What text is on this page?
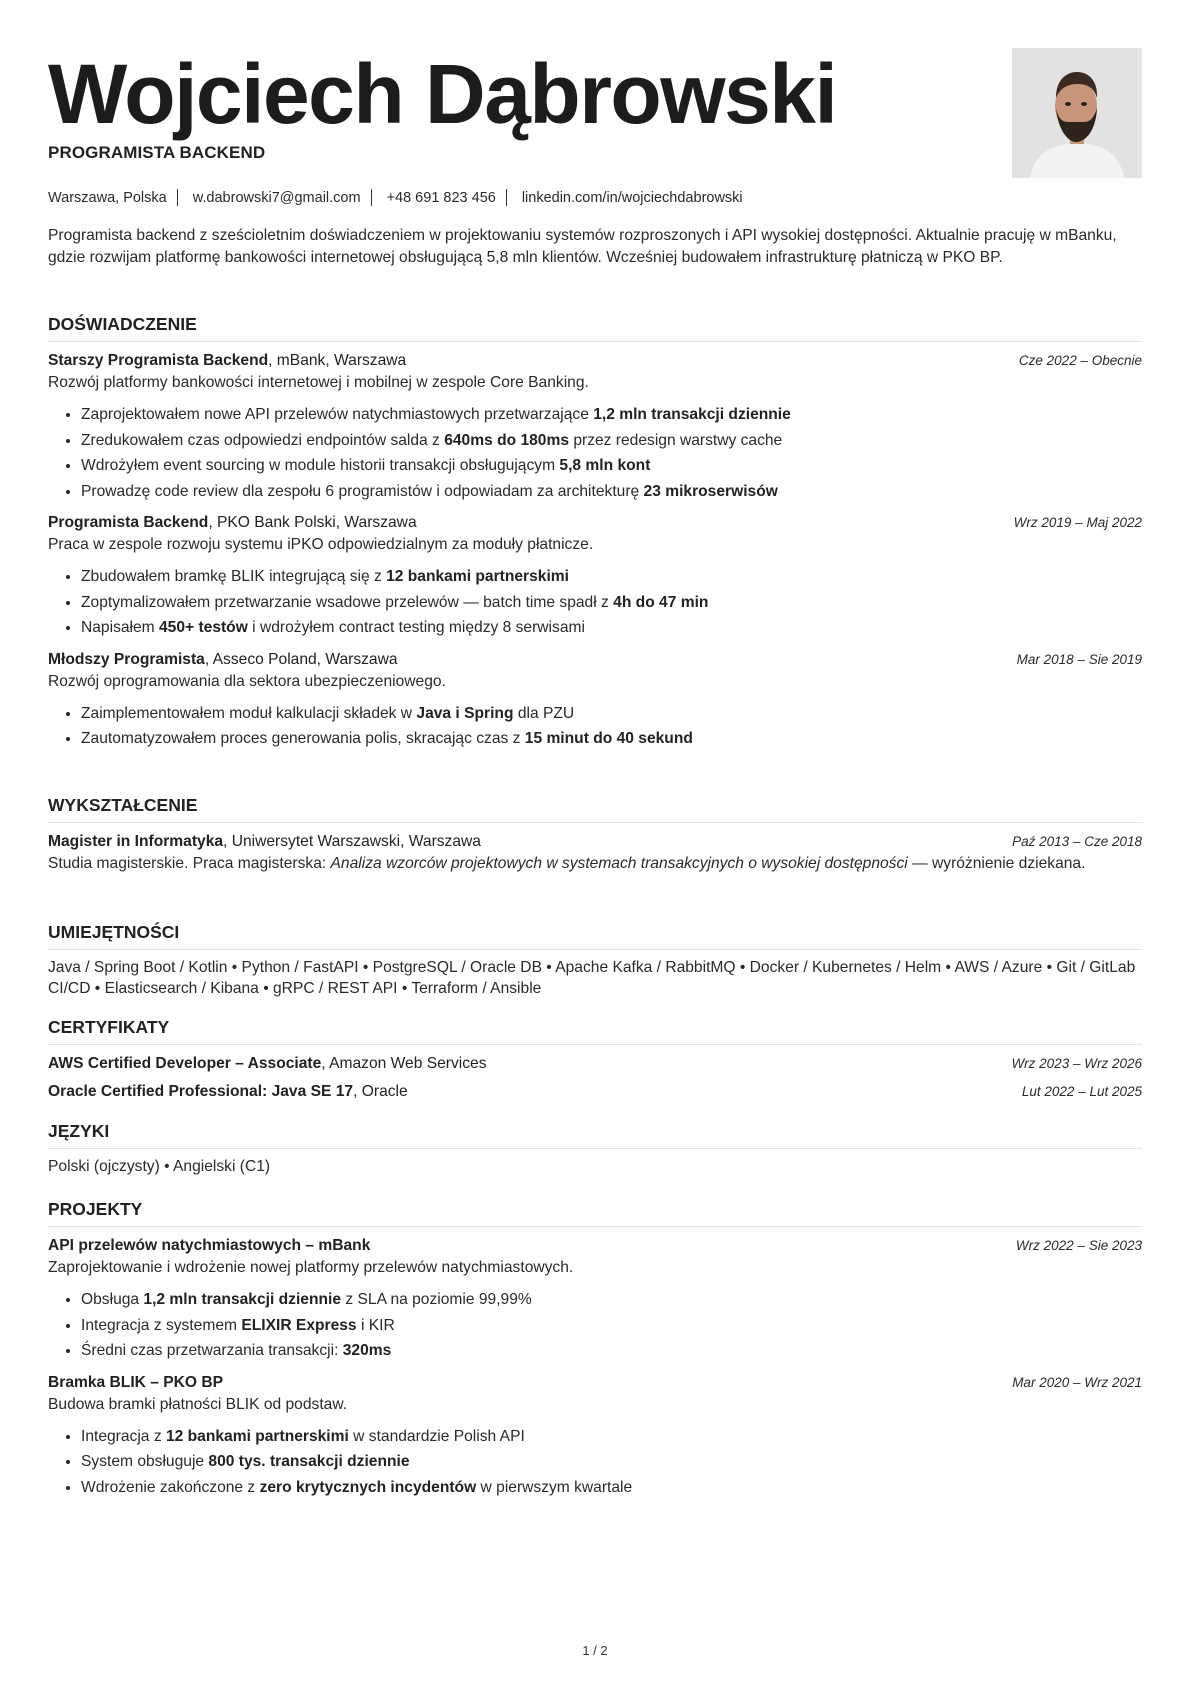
Wojciech Dąbrowski
PROGRAMISTA BACKEND
Warszawa, Polska w.dabrowski7@gmail.com +48 691 823 456 linkedin.com/in/wojciechdabrowski
Programista backend z sześcioletnim doświadczeniem w projektowaniu systemów rozproszonych i API wysokiej dostępności. Aktualnie pracuję w mBanku, gdzie rozwijam platformę bankowości internetowej obsługującą 5,8 mln klientów. Wcześniej budowałem infrastrukturę płatniczą w PKO BP.
DOŚWIADCZENIE
Starszy Programista Backend, mBank, Warszawa	Cze 2022 – Obecnie
Rozwój platformy bankowości internetowej i mobilnej w zespole Core Banking.
• Zaprojektowałem nowe API przelewów natychmiastowych przetwarzające 1,2 mln transakcji dziennie
• Zredukowałem czas odpowiedzi endpointów salda z 640ms do 180ms przez redesign warstwy cache
• Wdrożyłem event sourcing w module historii transakcji obsługującym 5,8 mln kont
• Prowadzę code review dla zespołu 6 programistów i odpowiadam za architekturę 23 mikroserwisów
Programista Backend, PKO Bank Polski, Warszawa	Wrz 2019 – Maj 2022
Praca w zespole rozwoju systemu iPKO odpowiedzialnym za moduły płatnicze.
• Zbudowałem bramkę BLIK integrującą się z 12 bankami partnerskimi
• Zoptymalizowałem przetwarzanie wsadowe przelewów — batch time spadł z 4h do 47 min
• Napisałem 450+ testów i wdrożyłem contract testing między 8 serwisami
Młodszy Programista, Asseco Poland, Warszawa	Mar 2018 – Sie 2019
Rozwój oprogramowania dla sektora ubezpieczeniowego.
• Zaimplementowałem moduł kalkulacji składek w Java i Spring dla PZU
• Zautomatyzowałem proces generowania polis, skracając czas z 15 minut do 40 sekund
WYKSZTAŁCENIE
Magister in Informatyka, Uniwersytet Warszawski, Warszawa	Paź 2013 – Cze 2018
Studia magisterskie. Praca magisterska: Analiza wzorców projektowych w systemach transakcyjnych o wysokiej dostępności — wyróżnienie dziekana.
UMIEJĘTNOŚCI
Java / Spring Boot / Kotlin • Python / FastAPI • PostgreSQL / Oracle DB • Apache Kafka / RabbitMQ • Docker / Kubernetes / Helm • AWS / Azure • Git / GitLab CI/CD • Elasticsearch / Kibana • gRPC / REST API • Terraform / Ansible
CERTYFIKATY
AWS Certified Developer – Associate, Amazon Web Services	Wrz 2023 – Wrz 2026
Oracle Certified Professional: Java SE 17, Oracle	Lut 2022 – Lut 2025
JĘZYKI
Polski (ojczysty) • Angielski (C1)
PROJEKTY
API przelewów natychmiastowych – mBank	Wrz 2022 – Sie 2023
Zaprojektowanie i wdrożenie nowej platformy przelewów natychmiastowych.
• Obsługa 1,2 mln transakcji dziennie z SLA na poziomie 99,99%
• Integracja z systemem ELIXIR Express i KIR
• Średni czas przetwarzania transakcji: 320ms
Bramka BLIK – PKO BP	Mar 2020 – Wrz 2021
Budowa bramki płatności BLIK od podstaw.
• Integracja z 12 bankami partnerskimi w standardzie Polish API
• System obsługuje 800 tys. transakcji dziennie
• Wdrożenie zakończone z zero krytycznych incydentów w pierwszym kwartale
1 / 2
